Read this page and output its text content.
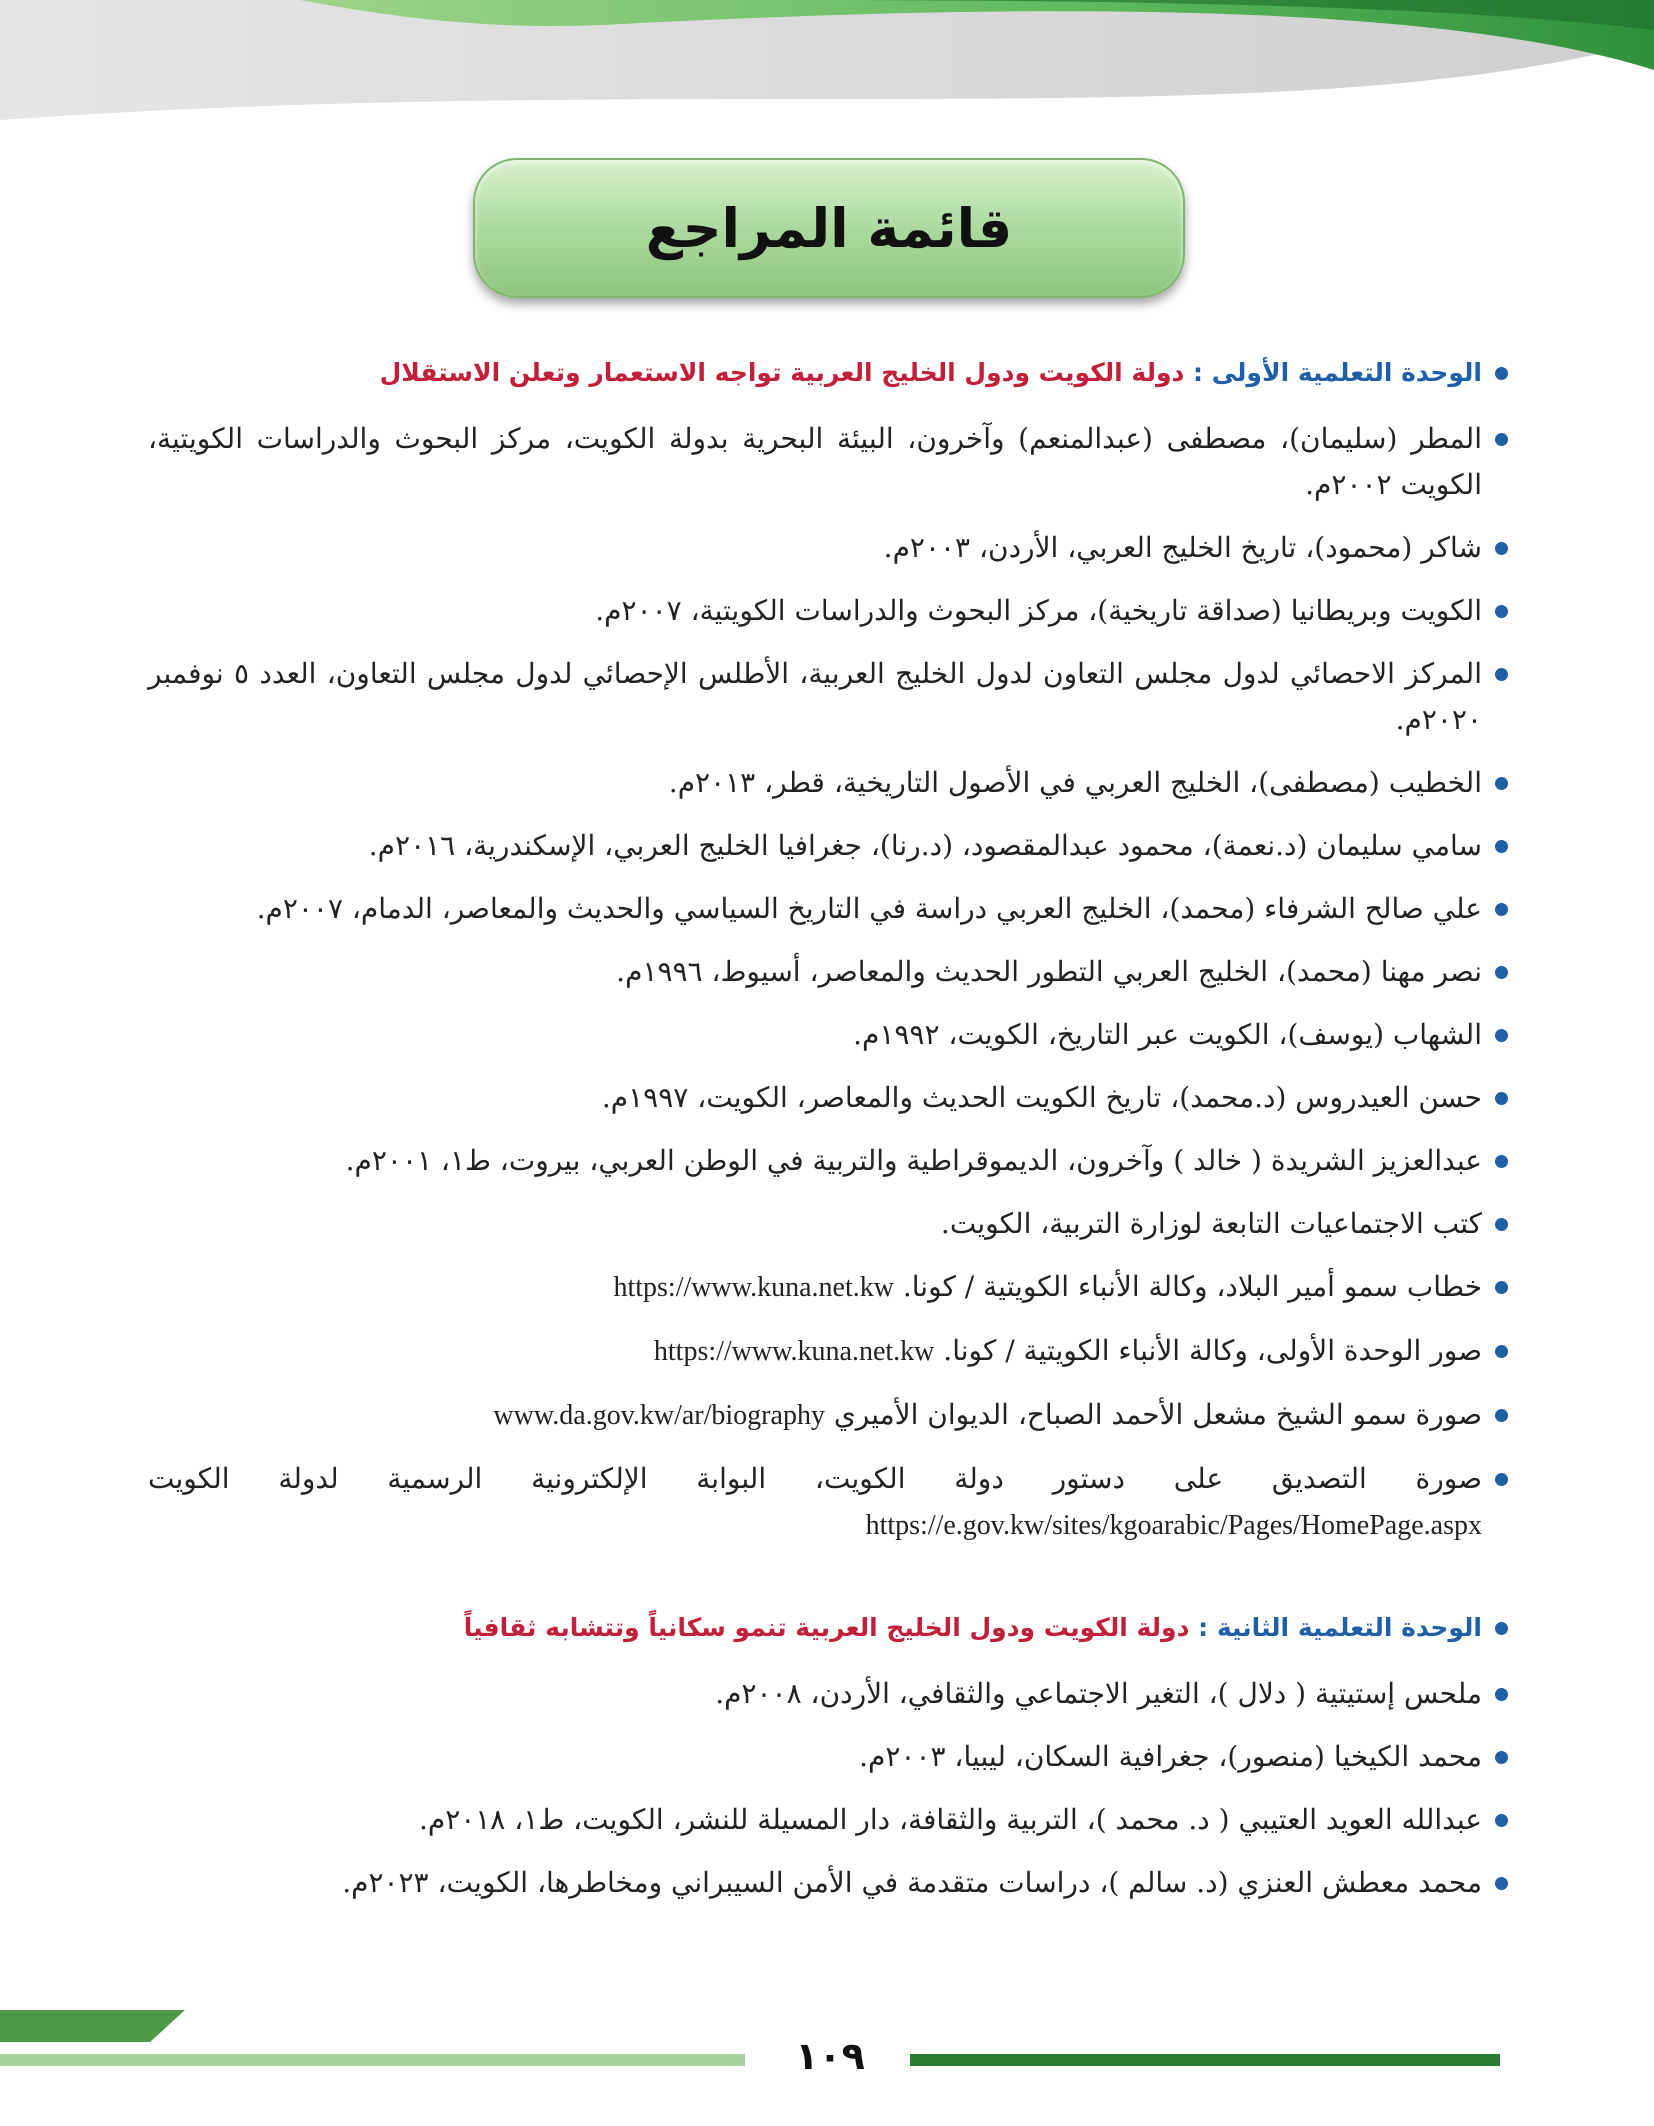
قائمة المراجع
الوحدة التعلمية الأولى : دولة الكويت ودول الخليج العربية تواجه الاستعمار وتعلن الاستقلال
المطر (سليمان)، مصطفى (عبدالمنعم) وآخرون، البيئة البحرية بدولة الكويت، مركز البحوث والدراسات الكويتية، الكويت ٢٠٠٢م.
شاكر (محمود)، تاريخ الخليج العربي، الأردن، ٢٠٠٣م.
الكويت وبريطانيا (صداقة تاريخية)، مركز البحوث والدراسات الكويتية، ٢٠٠٧م.
المركز الاحصائي لدول مجلس التعاون لدول الخليج العربية، الأطلس الإحصائي لدول مجلس التعاون، العدد ٥ نوفمبر ٢٠٢٠م.
الخطيب (مصطفى)، الخليج العربي في الأصول التاريخية، قطر، ٢٠١٣م.
سامي سليمان (د.نعمة)، محمود عبدالمقصود، (د.رنا)، جغرافيا الخليج العربي، الإسكندرية، ٢٠١٦م.
علي صالح الشرفاء (محمد)، الخليج العربي دراسة في التاريخ السياسي والحديث والمعاصر، الدمام، ٢٠٠٧م.
نصر مهنا (محمد)، الخليج العربي التطور الحديث والمعاصر، أسيوط، ١٩٩٦م.
الشهاب (يوسف)، الكويت عبر التاريخ، الكويت، ١٩٩٢م.
حسن العيدروس (د.محمد)، تاريخ الكويت الحديث والمعاصر، الكويت، ١٩٩٧م.
عبدالعزيز الشريدة ( خالد ) وآخرون، الديموقراطية والتربية في الوطن العربي، بيروت، ط١، ٢٠٠١م.
كتب الاجتماعيات التابعة لوزارة التربية، الكويت.
خطاب سمو أمير البلاد، وكالة الأنباء الكويتية / كونا. https://www.kuna.net.kw
صور الوحدة الأولى، وكالة الأنباء الكويتية / كونا. https://www.kuna.net.kw
صورة سمو الشيخ مشعل الأحمد الصباح، الديوان الأميري www.da.gov.kw/ar/biography
صورة التصديق على دستور دولة الكويت، البوابة الإلكترونية الرسمية لدولة الكويت https://e.gov.kw/sites/kgoarabic/Pages/HomePage.aspx
الوحدة التعلمية الثانية : دولة الكويت ودول الخليج العربية تنمو سكانياً وتتشابه ثقافياً
ملحس إستيتية ( دلال )، التغير الاجتماعي والثقافي، الأردن، ٢٠٠٨م.
محمد الكيخيا (منصور)، جغرافية السكان، ليبيا، ٢٠٠٣م.
عبدالله العويد العتيبي ( د. محمد )، التربية والثقافة، دار المسيلة للنشر، الكويت، ط١، ٢٠١٨م.
محمد معطش العنزي (د. سالم )، دراسات متقدمة في الأمن السيبراني ومخاطرها، الكويت، ٢٠٢٣م.
١٠٩
